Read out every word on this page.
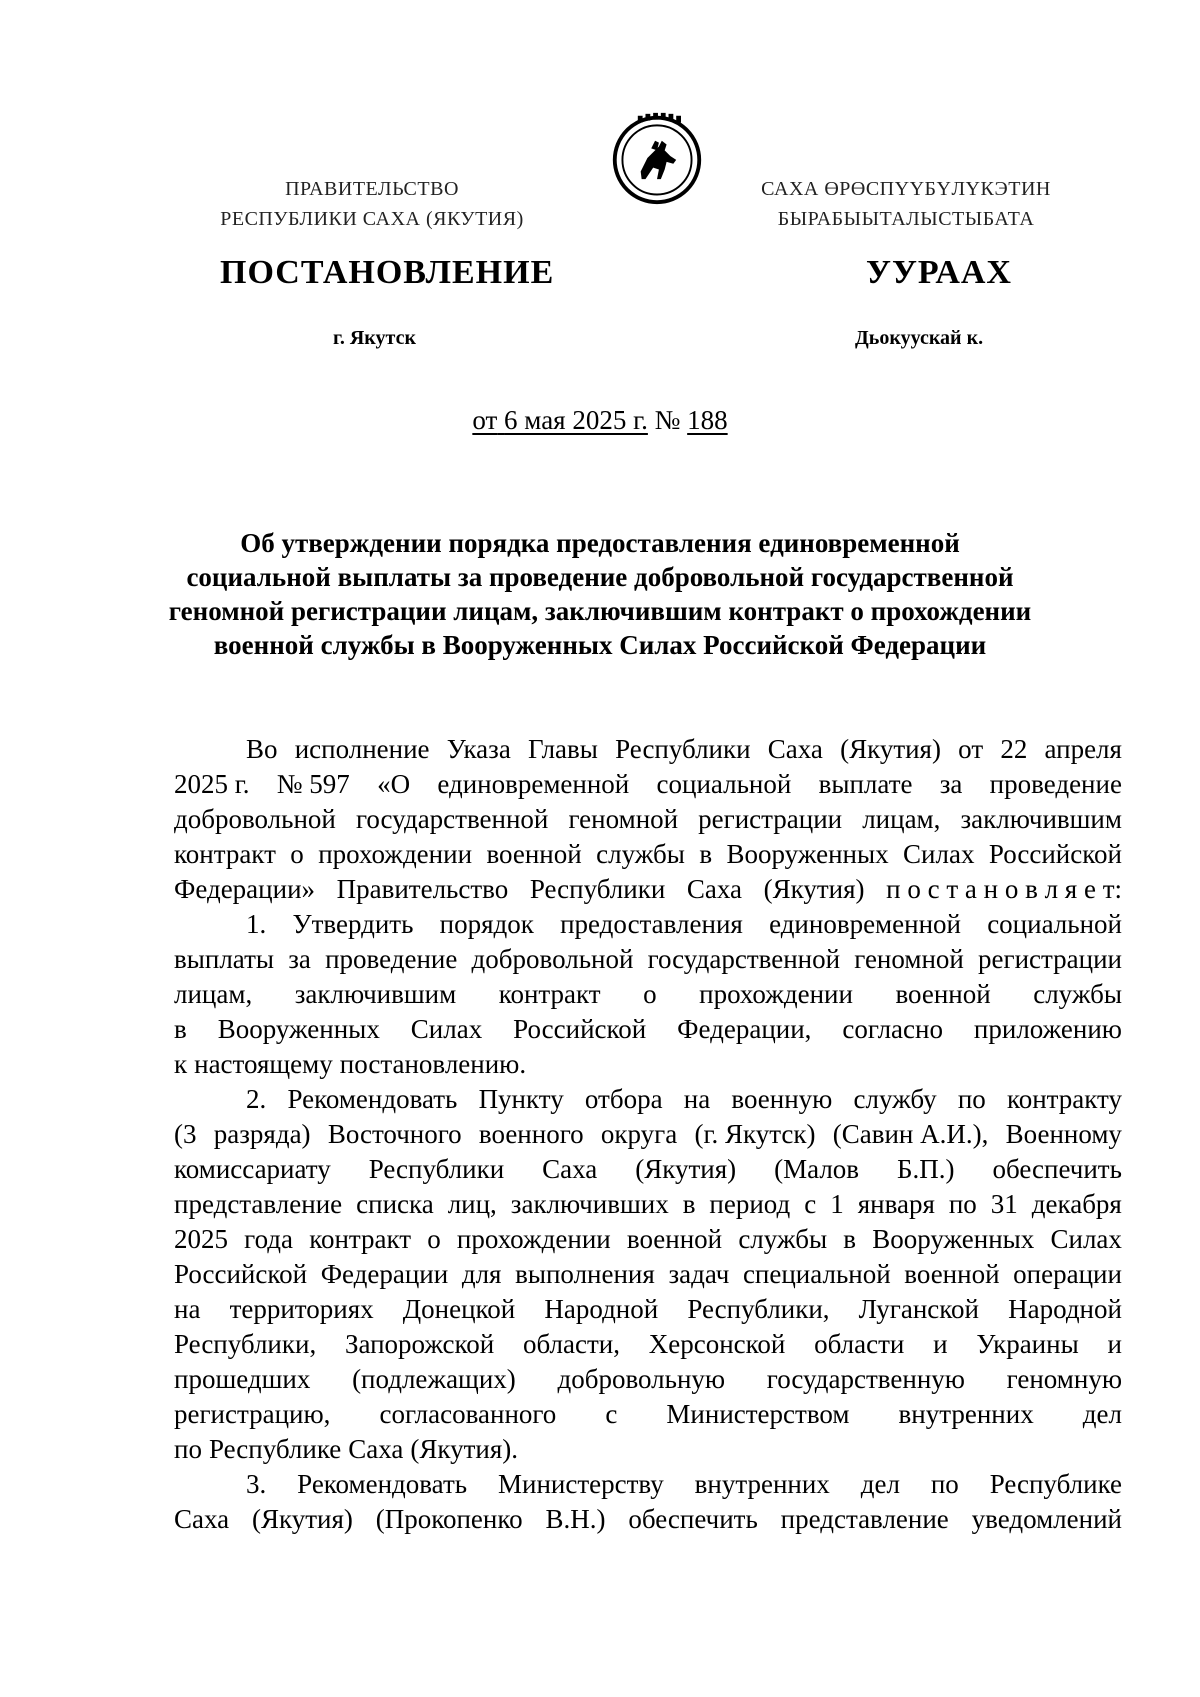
ПРАВИТЕЛЬСТВО
РЕСПУБЛИКИ САХА (ЯКУТИЯ)
САХА ӨРӨСПҮҮБҮЛҮКЭТИН
БЫРАБЫЫТАЛЫСТЫБАТА
ПОСТАНОВЛЕНИЕ	УУРААХ
г. Якутск	Дьокуускай к.
от 6 мая 2025 г. № 188
Об утверждении порядка предоставления единовременной
социальной выплаты за проведение добровольной государственной
геномной регистрации лицам, заключившим контракт о прохождении
военной службы в Вооруженных Силах Российской Федерации
Во исполнение Указа Главы Республики Саха (Якутия) от 22 апреля
2025 г. № 597 «О единовременной социальной выплате за проведение
добровольной государственной геномной регистрации лицам, заключившим
контракт о прохождении военной службы в Вооруженных Силах Российской
Федерации» Правительство Республики Саха (Якутия) п о с т а н о в л я е т:
1. Утвердить порядок предоставления единовременной социальной
выплаты за проведение добровольной государственной геномной регистрации
лицам, заключившим контракт о прохождении военной службы
в Вооруженных Силах Российской Федерации, согласно приложению
к настоящему постановлению.
2. Рекомендовать Пункту отбора на военную службу по контракту
(3 разряда) Восточного военного округа (г. Якутск) (Савин А.И.), Военному
комиссариату Республики Саха (Якутия) (Малов Б.П.) обеспечить
представление списка лиц, заключивших в период с 1 января по 31 декабря
2025 года контракт о прохождении военной службы в Вооруженных Силах
Российской Федерации для выполнения задач специальной военной операции
на территориях Донецкой Народной Республики, Луганской Народной
Республики, Запорожской области, Херсонской области и Украины и
прошедших (подлежащих) добровольную государственную геномную
регистрацию, согласованного с Министерством внутренних дел
по Республике Саха (Якутия).
3. Рекомендовать Министерству внутренних дел по Республике
Саха (Якутия) (Прокопенко В.Н.) обеспечить представление уведомлений
